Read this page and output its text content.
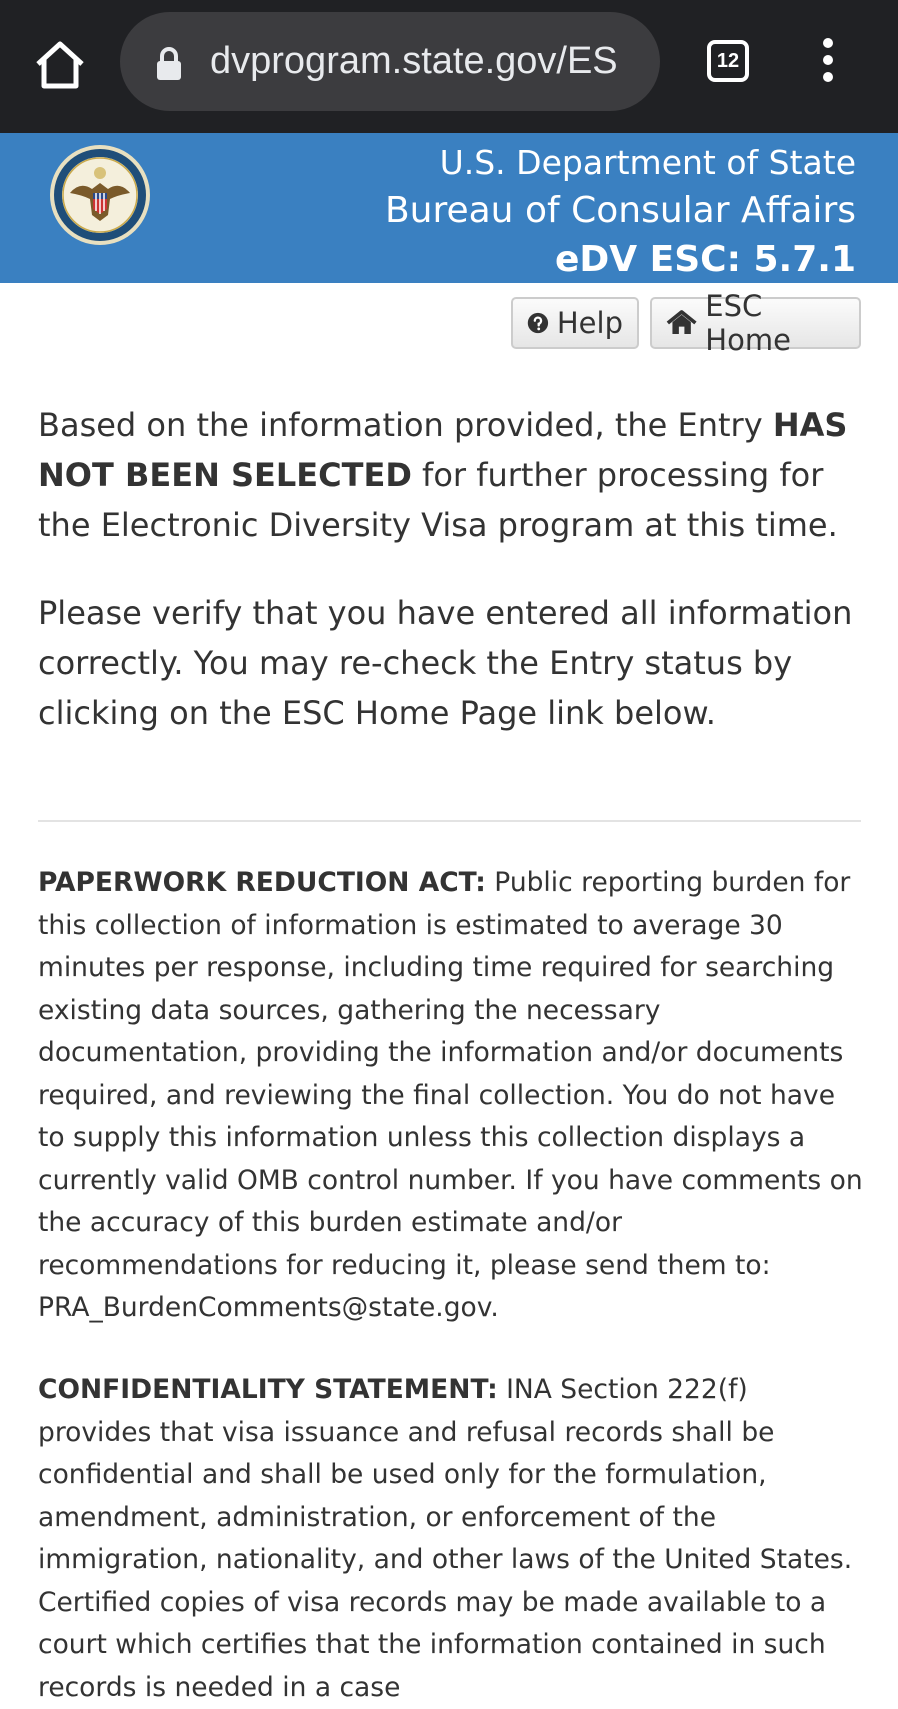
dvprogram.state.gov/ES	12
U.S. Department of State
Bureau of Consular Affairs
eDV ESC: 5.7.1
Help	ESC Home

Based on the information provided, the Entry HAS NOT BEEN SELECTED for further processing for the Electronic Diversity Visa program at this time.

Please verify that you have entered all information correctly. You may re-check the Entry status by clicking on the ESC Home Page link below.

PAPERWORK REDUCTION ACT: Public reporting burden for this collection of information is estimated to average 30 minutes per response, including time required for searching existing data sources, gathering the necessary documentation, providing the information and/or documents required, and reviewing the final collection. You do not have to supply this information unless this collection displays a currently valid OMB control number. If you have comments on the accuracy of this burden estimate and/or recommendations for reducing it, please send them to: PRA_BurdenComments@state.gov.

CONFIDENTIALITY STATEMENT: INA Section 222(f) provides that visa issuance and refusal records shall be confidential and shall be used only for the formulation, amendment, administration, or enforcement of the immigration, nationality, and other laws of the United States. Certified copies of visa records may be made available to a court which certifies that the information contained in such records is needed in a case
